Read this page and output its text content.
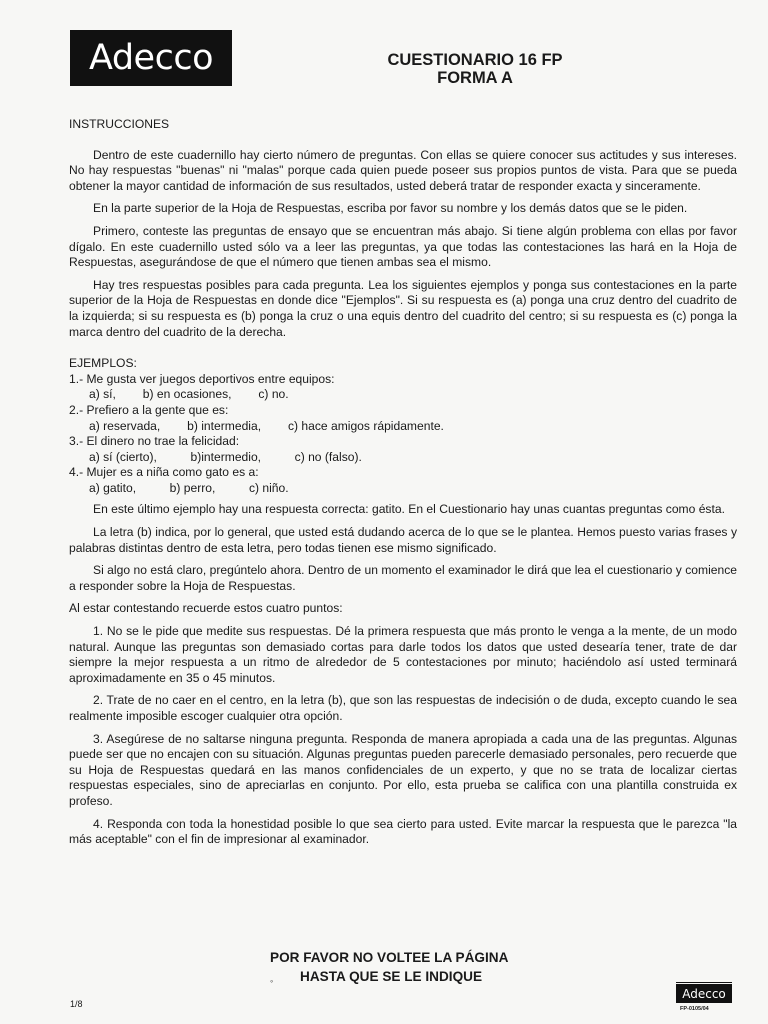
Adecco	CUESTIONARIO 16 FP
FORMA A

INSTRUCCIONES

Dentro de este cuadernillo hay cierto número de preguntas. Con ellas se quiere conocer sus actitudes y sus intereses. No hay respuestas "buenas" ni "malas" porque cada quien puede poseer sus propios puntos de vista. Para que se pueda obtener la mayor cantidad de información de sus resultados, usted deberá tratar de responder exacta y sinceramente.

En la parte superior de la Hoja de Respuestas, escriba por favor su nombre y los demás datos que se le piden.

Primero, conteste las preguntas de ensayo que se encuentran más abajo. Si tiene algún problema con ellas por favor dígalo. En este cuadernillo usted sólo va a leer las preguntas, ya que todas las contestaciones las hará en la Hoja de Respuestas, asegurándose de que el número que tienen ambas sea el mismo.

Hay tres respuestas posibles para cada pregunta. Lea los siguientes ejemplos y ponga sus contestaciones en la parte superior de la Hoja de Respuestas en donde dice "Ejemplos". Si su respuesta es (a) ponga una cruz dentro del cuadrito de la izquierda; si su respuesta es (b) ponga la cruz o una equis dentro del cuadrito del centro; si su respuesta es (c) ponga la marca dentro del cuadrito de la derecha.

EJEMPLOS:

1.- Me gusta ver juegos deportivos entre equipos:

a) sí,        b) en ocasiones,        c) no.

2.- Prefiero a la gente que es:

a) reservada,        b) intermedia,        c) hace amigos rápidamente.

3.- El dinero no trae la felicidad:

a) sí (cierto),          b)intermedio,          c) no (falso).

4.- Mujer es a niña como gato es a:

a) gatito,          b) perro,          c) niño.

En este último ejemplo hay una respuesta correcta: gatito. En el Cuestionario hay unas cuantas preguntas como ésta.

La letra (b) indica, por lo general, que usted está dudando acerca de lo que se le plantea. Hemos puesto varias frases y palabras distintas dentro de esta letra, pero todas tienen ese mismo significado.

Si algo no está claro, pregúntelo ahora. Dentro de un momento el examinador le dirá que lea el cuestionario y comience a responder sobre la Hoja de Respuestas.

Al estar contestando recuerde estos cuatro puntos:

1. No se le pide que medite sus respuestas. Dé la primera respuesta que más pronto le venga a la mente, de un modo natural. Aunque las preguntas son demasiado cortas para darle todos los datos que usted desearía tener, trate de dar siempre la mejor respuesta a un ritmo de alrededor de 5 contestaciones por minuto; haciéndolo así usted terminará aproximadamente en 35 o 45 minutos.

2. Trate de no caer en el centro, en la letra (b), que son las respuestas de indecisión o de duda, excepto cuando le sea realmente imposible escoger cualquier otra opción.

3. Asegúrese de no saltarse ninguna pregunta. Responda de manera apropiada a cada una de las preguntas. Algunas puede ser que no encajen con su situación. Algunas preguntas pueden parecerle demasiado personales, pero recuerde que su Hoja de Respuestas quedará en las manos confidenciales de un experto, y que no se trata de localizar ciertas respuestas especiales, sino de apreciarlas en conjunto. Por ello, esta prueba se califica con una plantilla construida ex profeso.

4. Responda con toda la honestidad posible lo que sea cierto para usted. Evite marcar la respuesta que le parezca "la más aceptable" con el fin de impresionar al examinador.

POR FAVOR NO VOLTEE LA PÁGINA
◦	HASTA QUE SE LE INDIQUE
1/8
Adecco
FP-0105/04
